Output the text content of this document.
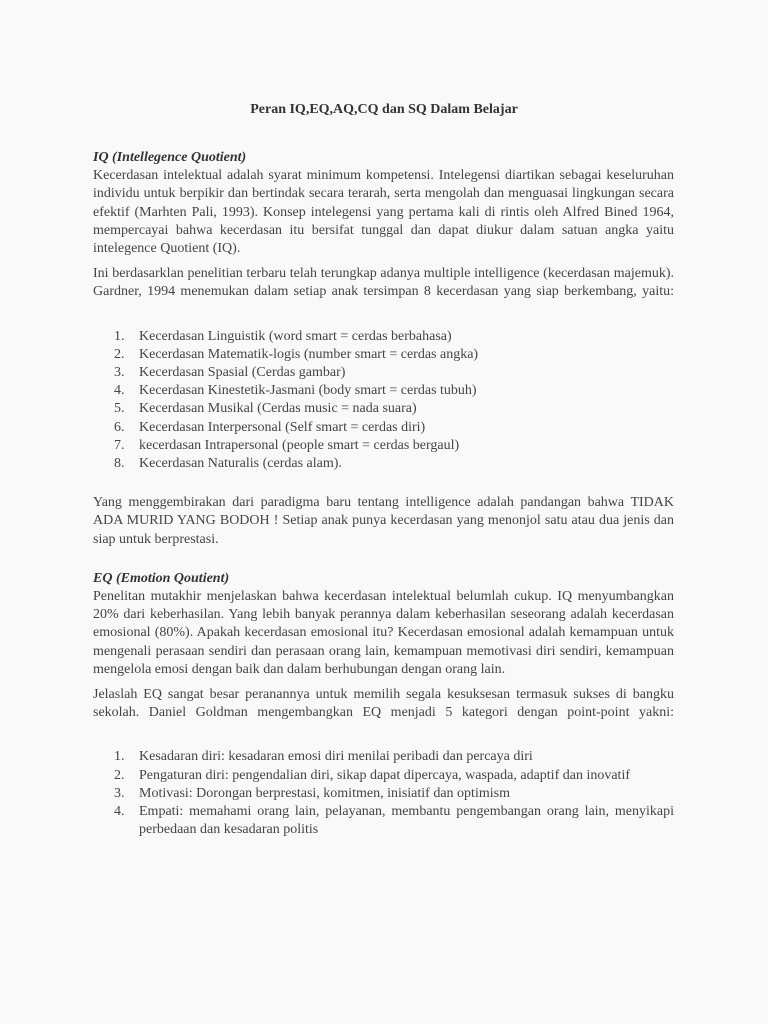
Peran IQ,EQ,AQ,CQ dan SQ Dalam Belajar
IQ (Intellegence Quotient)

Kecerdasan intelektual adalah syarat minimum kompetensi. Intelegensi diartikan sebagai keseluruhan individu untuk berpikir dan bertindak secara terarah, serta mengolah dan menguasai lingkungan secara efektif (Marhten Pali, 1993). Konsep intelegensi yang pertama kali di rintis oleh Alfred Bined 1964, mempercayai bahwa kecerdasan itu bersifat tunggal dan dapat diukur dalam satuan angka yaitu intelegence Quotient (IQ).

Ini berdasarklan penelitian terbaru telah terungkap adanya multiple intelligence (kecerdasan majemuk). Gardner, 1994 menemukan dalam setiap anak tersimpan 8 kecerdasan yang siap berkembang, yaitu:

1. Kecerdasan Linguistik (word smart = cerdas berbahasa)
2. Kecerdasan Matematik-logis (number smart = cerdas angka)
3. Kecerdasan Spasial (Cerdas gambar)
4. Kecerdasan Kinestetik-Jasmani (body smart = cerdas tubuh)
5. Kecerdasan Musikal (Cerdas music = nada suara)
6. Kecerdasan Interpersonal (Self smart = cerdas diri)
7. kecerdasan Intrapersonal (people smart = cerdas bergaul)
8. Kecerdasan Naturalis (cerdas alam).

Yang menggembirakan dari paradigma baru tentang intelligence adalah pandangan bahwa TIDAK ADA MURID YANG BODOH ! Setiap anak punya kecerdasan yang menonjol satu atau dua jenis dan siap untuk berprestasi.

EQ (Emotion Qoutient)

Penelitan mutakhir menjelaskan bahwa kecerdasan intelektual belumlah cukup. IQ menyumbangkan 20% dari keberhasilan. Yang lebih banyak perannya dalam keberhasilan seseorang adalah kecerdasan emosional (80%). Apakah kecerdasan emosional itu? Kecerdasan emosional adalah kemampuan untuk mengenali perasaan sendiri dan perasaan orang lain, kemampuan memotivasi diri sendiri, kemampuan mengelola emosi dengan baik dan dalam berhubungan dengan orang lain.

Jelaslah EQ sangat besar peranannya untuk memilih segala kesuksesan termasuk sukses di bangku sekolah. Daniel Goldman mengembangkan EQ menjadi 5 kategori dengan point-point yakni:

1. Kesadaran diri: kesadaran emosi diri menilai peribadi dan percaya diri
2. Pengaturan diri: pengendalian diri, sikap dapat dipercaya, waspada, adaptif dan inovatif
3. Motivasi: Dorongan berprestasi, komitmen, inisiatif dan optimism
4. Empati: memahami orang lain, pelayanan, membantu pengembangan orang lain, menyikapi perbedaan dan kesadaran politis
